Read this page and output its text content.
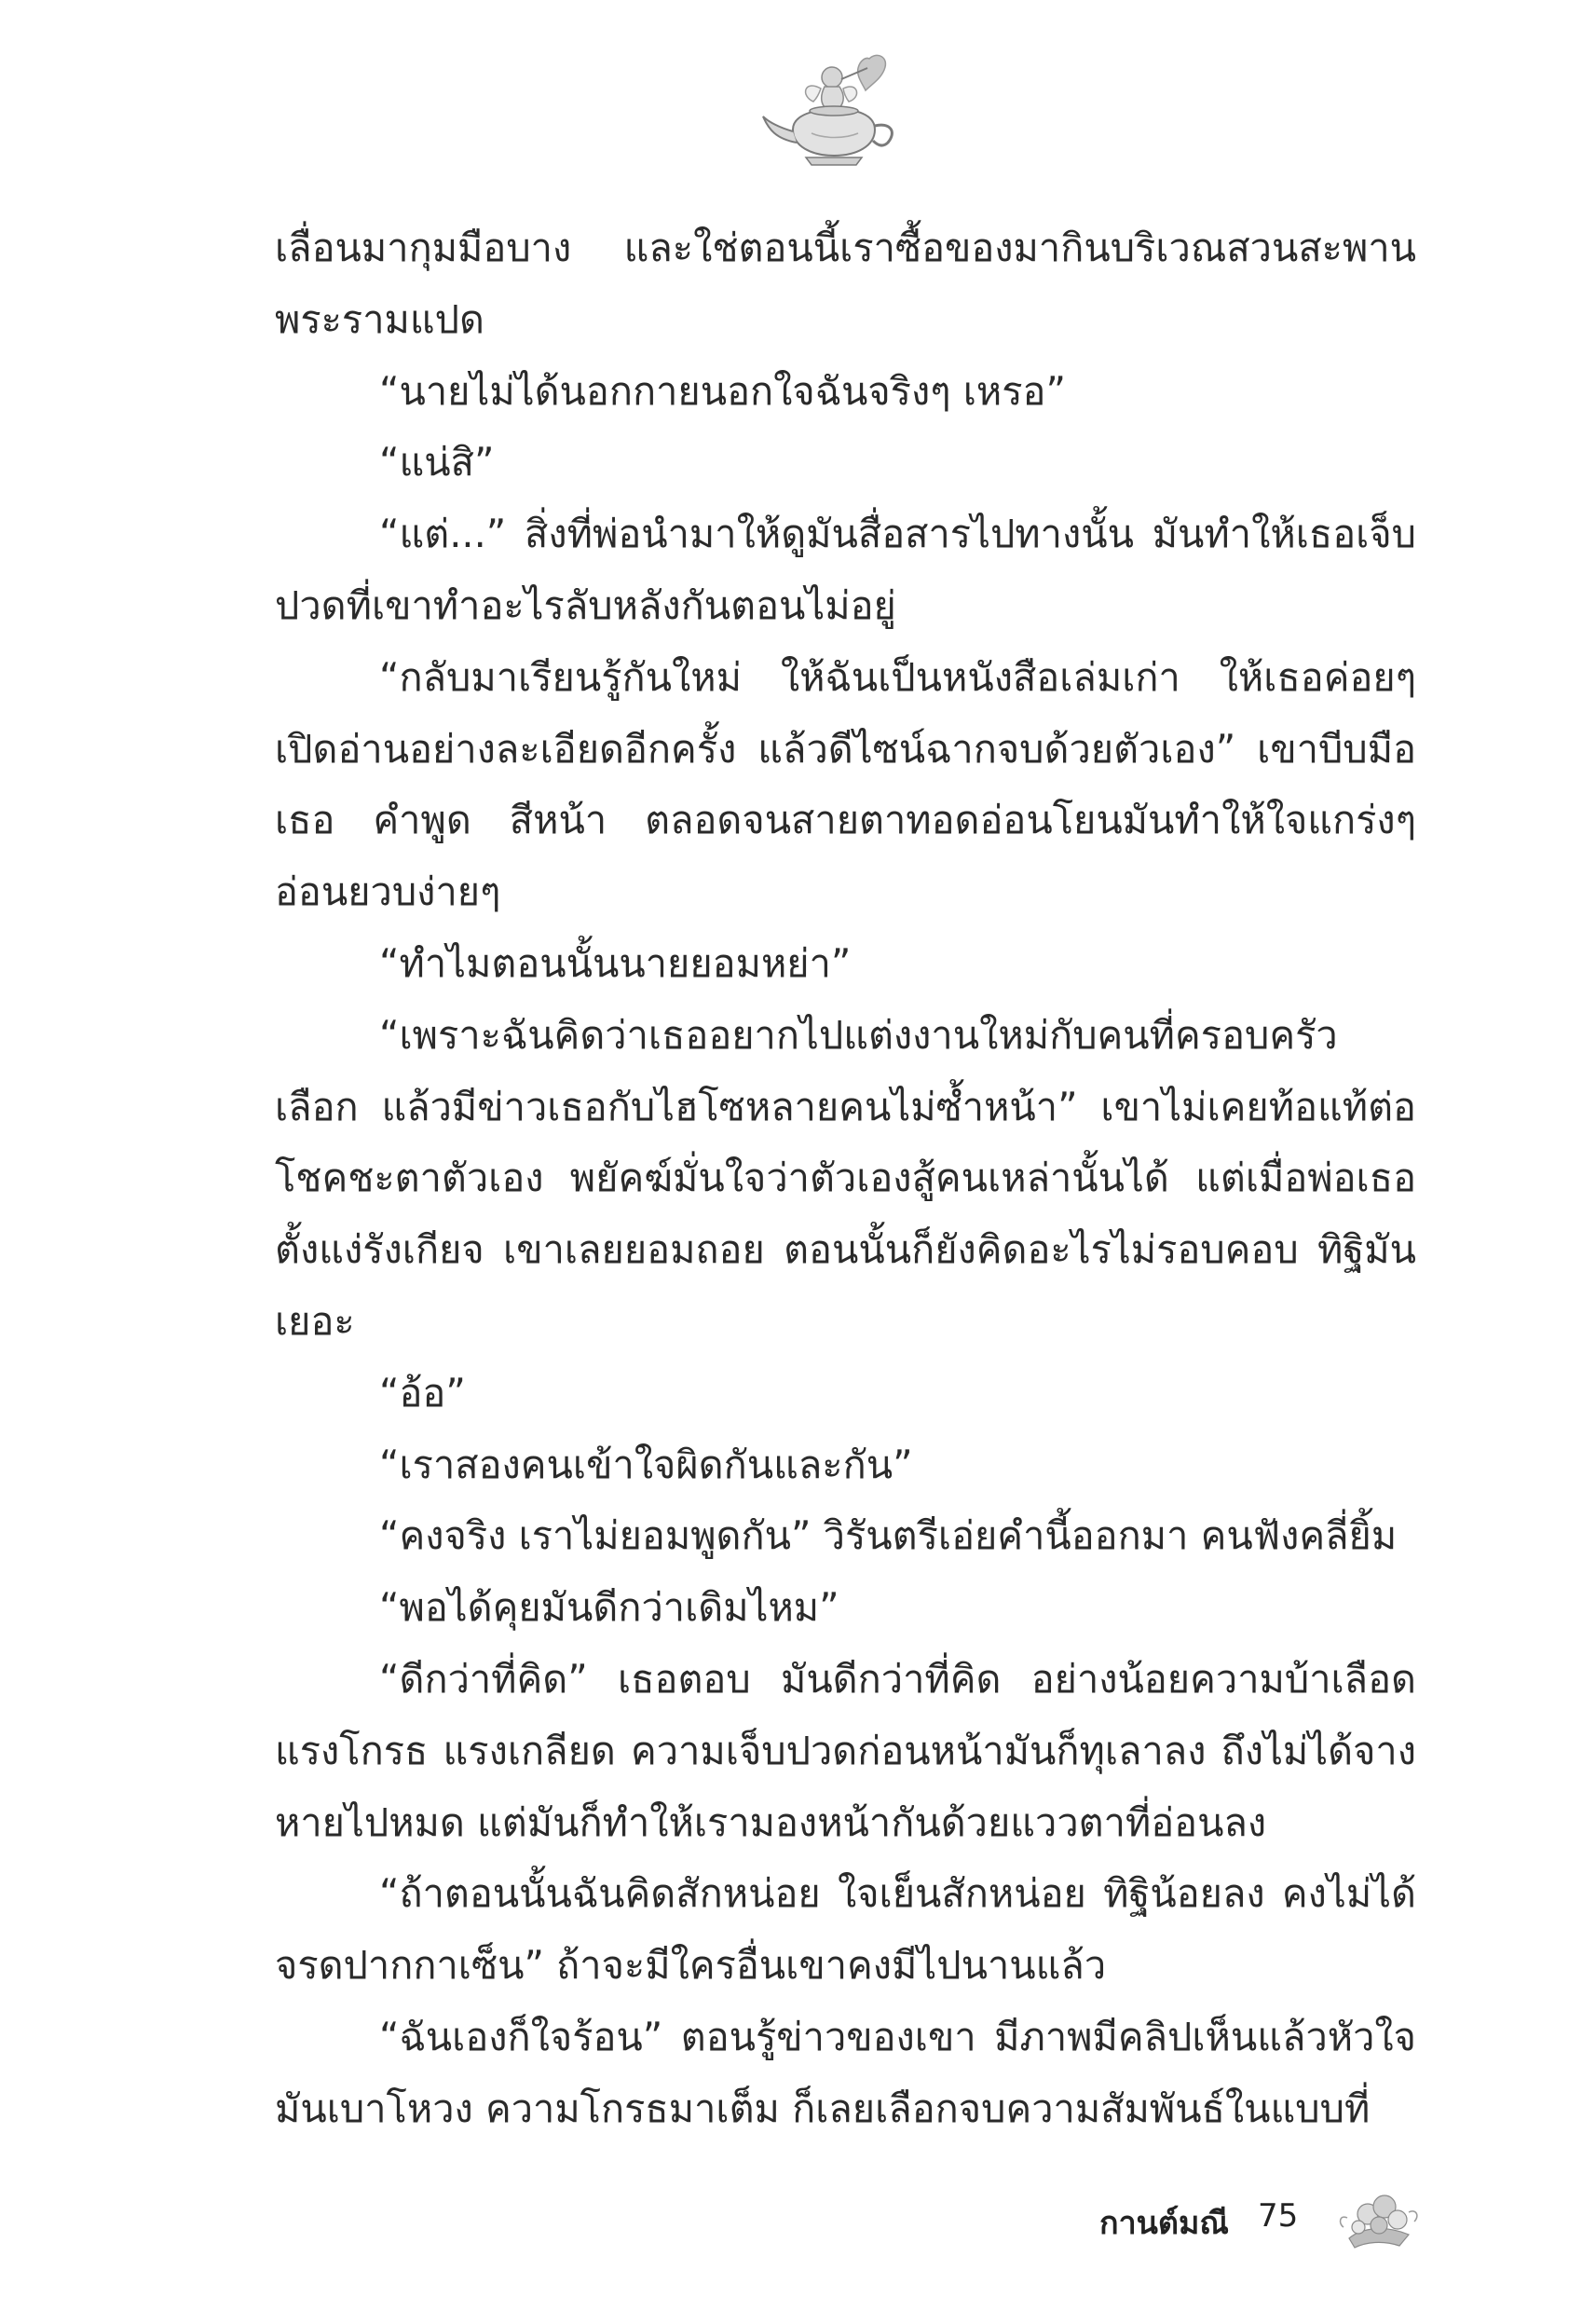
เลื่อนมากุมมือบาง และใช่ตอนนี้เราซื้อของมากินบริเวณสวนสะพานพระรามแปด

“นายไม่ได้นอกกายนอกใจฉันจริงๆ เหรอ”

“แน่สิ”

“แต่...” สิ่งที่พ่อนำมาให้ดูมันสื่อสารไปทางนั้น มันทำให้เธอเจ็บปวดที่เขาทำอะไรลับหลังกันตอนไม่อยู่

“กลับมาเรียนรู้กันใหม่ ให้ฉันเป็นหนังสือเล่มเก่า ให้เธอค่อยๆ เปิดอ่านอย่างละเอียดอีกครั้ง แล้วดีไซน์ฉากจบด้วยตัวเอง” เขาบีบมือเธอ คำพูด สีหน้า ตลอดจนสายตาทอดอ่อนโยนมันทำให้ใจแกร่งๆ อ่อนยวบง่ายๆ

“ทำไมตอนนั้นนายยอมหย่า”

“เพราะฉันคิดว่าเธออยากไปแต่งงานใหม่กับคนที่ครอบครัวเลือก แล้วมีข่าวเธอกับไฮโซหลายคนไม่ซ้ำหน้า” เขาไม่เคยท้อแท้ต่อโชคชะตาตัวเอง พยัคฆ์มั่นใจว่าตัวเองสู้คนเหล่านั้นได้ แต่เมื่อพ่อเธอตั้งแง่รังเกียจ เขาเลยยอมถอย ตอนนั้นก็ยังคิดอะไรไม่รอบคอบ ทิฐิมันเยอะ

“อ้อ”

“เราสองคนเข้าใจผิดกันและกัน”

“คงจริง เราไม่ยอมพูดกัน” วิรันตรีเอ่ยคำนี้ออกมา คนฟังคลี่ยิ้ม

“พอได้คุยมันดีกว่าเดิมไหม”

“ดีกว่าที่คิด” เธอตอบ มันดีกว่าที่คิด อย่างน้อยความบ้าเลือด แรงโกรธ แรงเกลียด ความเจ็บปวดก่อนหน้ามันก็ทุเลาลง ถึงไม่ได้จางหายไปหมด แต่มันก็ทำให้เรามองหน้ากันด้วยแววตาที่อ่อนลง

“ถ้าตอนนั้นฉันคิดสักหน่อย ใจเย็นสักหน่อย ทิฐิน้อยลง คงไม่ได้จรดปากกาเซ็น” ถ้าจะมีใครอื่นเขาคงมีไปนานแล้ว

“ฉันเองก็ใจร้อน” ตอนรู้ข่าวของเขา มีภาพมีคลิปเห็นแล้วหัวใจมันเบาโหวง ความโกรธมาเต็ม ก็เลยเลือกจบความสัมพันธ์ในแบบที่

กานต์มณี 75
